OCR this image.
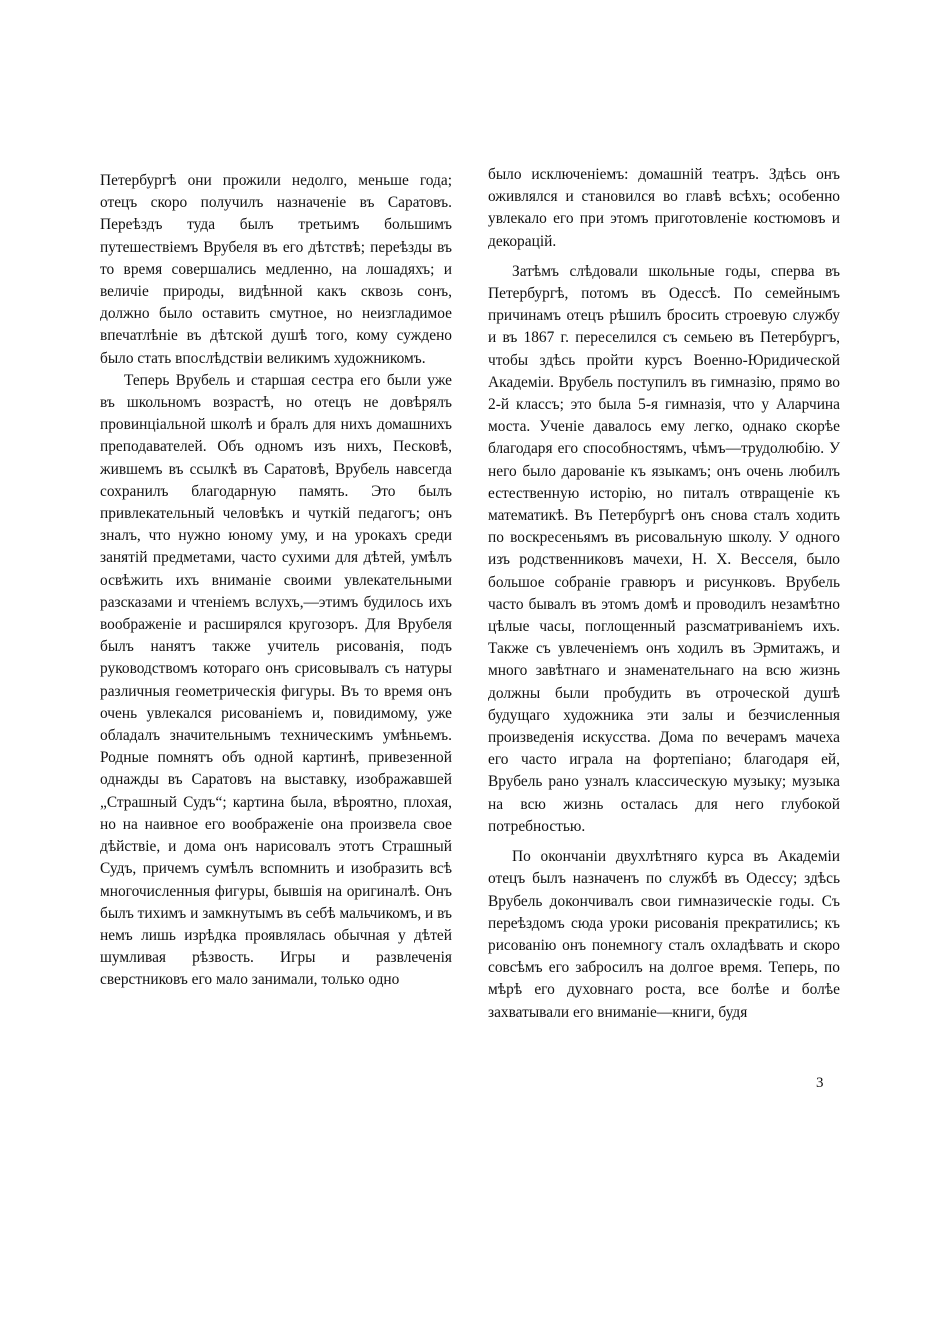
Петербургѣ они прожили недолго, меньше года; отецъ скоро получилъ назначеніе въ Саратовъ. Переѣздъ туда былъ третьимъ большимъ путешествіемъ Врубеля въ его дѣтствѣ; переѣзды въ то время совершались медленно, на лошадяхъ; и величіе природы, видѣнной какъ сквозь сонъ, должно было оставить смутное, но неизгладимое впечатлѣніе въ дѣтской душѣ того, кому суждено было стать впослѣдствіи великимъ художникомъ.

Теперь Врубель и старшая сестра его были уже въ школьномъ возрастѣ, но отецъ не довѣрялъ провинціальной школѣ и бралъ для нихъ домашнихъ преподавателей. Объ одномъ изъ нихъ, Песковѣ, жившемъ въ ссылкѣ въ Саратовѣ, Врубель навсегда сохранилъ благодарную память. Это былъ привлекательный человѣкъ и чуткій педагогъ; онъ зналъ, что нужно юному уму, и на урокахъ среди занятій предметами, часто сухими для дѣтей, умѣлъ освѣжить ихъ вниманіе своими увлекательными разсказами и чтеніемъ вслухъ,—этимъ будилось ихъ воображеніе и расширялся кругозоръ. Для Врубеля былъ нанятъ также учитель рисованія, подъ руководствомъ котораго онъ срисовывалъ съ натуры различныя геометрическія фигуры. Въ то время онъ очень увлекался рисованіемъ и, повидимому, уже обладалъ значительнымъ техническимъ умѣньемъ. Родные помнятъ объ одной картинѣ, привезенной однажды въ Саратовъ на выставку, изображавшей „Страшный Судъ“; картина была, вѣроятно, плохая, но на наивное его воображеніе она произвела свое дѣйствіе, и дома онъ нарисовалъ этотъ Страшный Судъ, причемъ сумѣлъ вспомнить и изобразить всѣ многочисленныя фигуры, бывшія на оригиналѣ. Онъ былъ тихимъ и замкнутымъ въ себѣ мальчикомъ, и въ немъ лишь изрѣдка проявлялась обычная у дѣтей шумливая рѣзвость. Игры и развлеченія сверстниковъ его мало занимали, только одно

было исключеніемъ: домашній театръ. Здѣсь онъ оживлялся и становился во главѣ всѣхъ; особенно увлекало его при этомъ приготовленіе костюмовъ и декорацій.

Затѣмъ слѣдовали школьные годы, сперва въ Петербургѣ, потомъ въ Одессѣ. По семейнымъ причинамъ отецъ рѣшилъ бросить строевую службу и въ 1867 г. переселился съ семьею въ Петербургъ, чтобы здѣсь пройти курсъ Военно-Юридической Академіи. Врубель поступилъ въ гимназію, прямо во 2-й классъ; это была 5-я гимназія, что у Аларчина моста. Ученіе давалось ему легко, однако скорѣе благодаря его способностямъ, чѣмъ—трудолюбію. У него было дарованіе къ языкамъ; онъ очень любилъ естественную исторію, но питалъ отвращеніе къ математикѣ. Въ Петербургѣ онъ снова сталъ ходить по воскресеньямъ въ рисовальную школу. У одного изъ родственниковъ мачехи, Н. Х. Весселя, было большое собраніе гравюръ и рисунковъ. Врубель часто бывалъ въ этомъ домѣ и проводилъ незамѣтно цѣлые часы, поглощенный разсматриваніемъ ихъ. Также съ увлеченіемъ онъ ходилъ въ Эрмитажъ, и много завѣтнаго и знаменательнаго на всю жизнь должны были пробудить въ отроческой душѣ будущаго художника эти залы и безчисленныя произведенія искусства. Дома по вечерамъ мачеха его часто играла на фортепіано; благодаря ей, Врубель рано узналъ классическую музыку; музыка на всю жизнь осталась для него глубокой потребностью.

По окончаніи двухлѣтняго курса въ Академіи отецъ былъ назначенъ по службѣ въ Одессу; здѣсь Врубель докончивалъ свои гимназическіе годы. Съ переѣздомъ сюда уроки рисованія прекратились; къ рисованію онъ понемногу сталъ охладѣвать и скоро совсѣмъ его забросилъ на долгое время. Теперь, по мѣрѣ его духовнаго роста, все болѣе и болѣе захватывали его вниманіе—книги, будя

3
